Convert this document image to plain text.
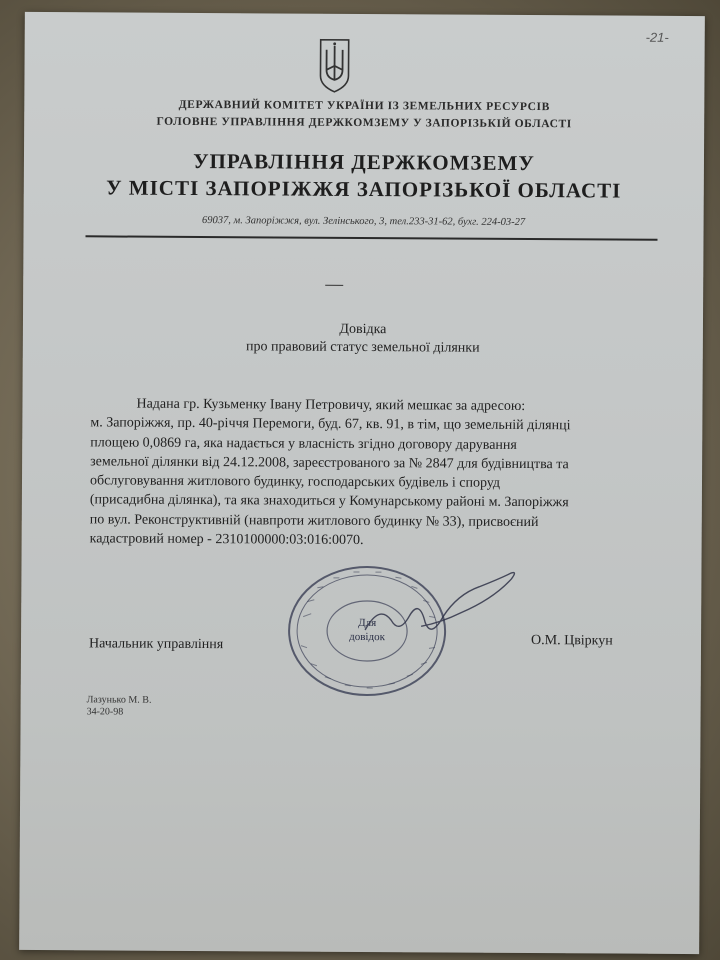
-21-
ДЕРЖАВНИЙ КОМІТЕТ УКРАЇНИ ІЗ ЗЕМЕЛЬНИХ РЕСУРСІВ
ГОЛОВНЕ УПРАВЛІННЯ ДЕРЖКОМЗЕМУ У ЗАПОРІЗЬКІЙ ОБЛАСТІ
УПРАВЛІННЯ ДЕРЖКОМЗЕМУ
У МІСТІ ЗАПОРІЖЖЯ ЗАПОРІЗЬКОЇ ОБЛАСТІ
69037, м. Запоріжжя, вул. Зелінського, 3, тел.233-31-62, бухг. 224-03-27
Довідка
про правовий статус земельної ділянки
Надана гр. Кузьменку Івану Петровичу, який мешкає за адресою:
м. Запоріжжя, пр. 40-річчя Перемоги, буд. 67, кв. 91, в тім, що земельній ділянці
площею 0,0869 га, яка надається у власність згідно договору дарування
земельної ділянки від 24.12.2008, зареєстрованого за № 2847 для будівництва та
обслуговування житлового будинку, господарських будівель і споруд
(присадибна ділянка), та яка знаходиться у Комунарському районі м. Запоріжжя
по вул. Реконструктивній (навпроти житлового будинку № 33), присвоєний
кадастровий номер - 2310100000:03:016:0070.
Для
довідок
Начальник управління	О.М. Цвіркун
Лазунько М. В.
34-20-98
